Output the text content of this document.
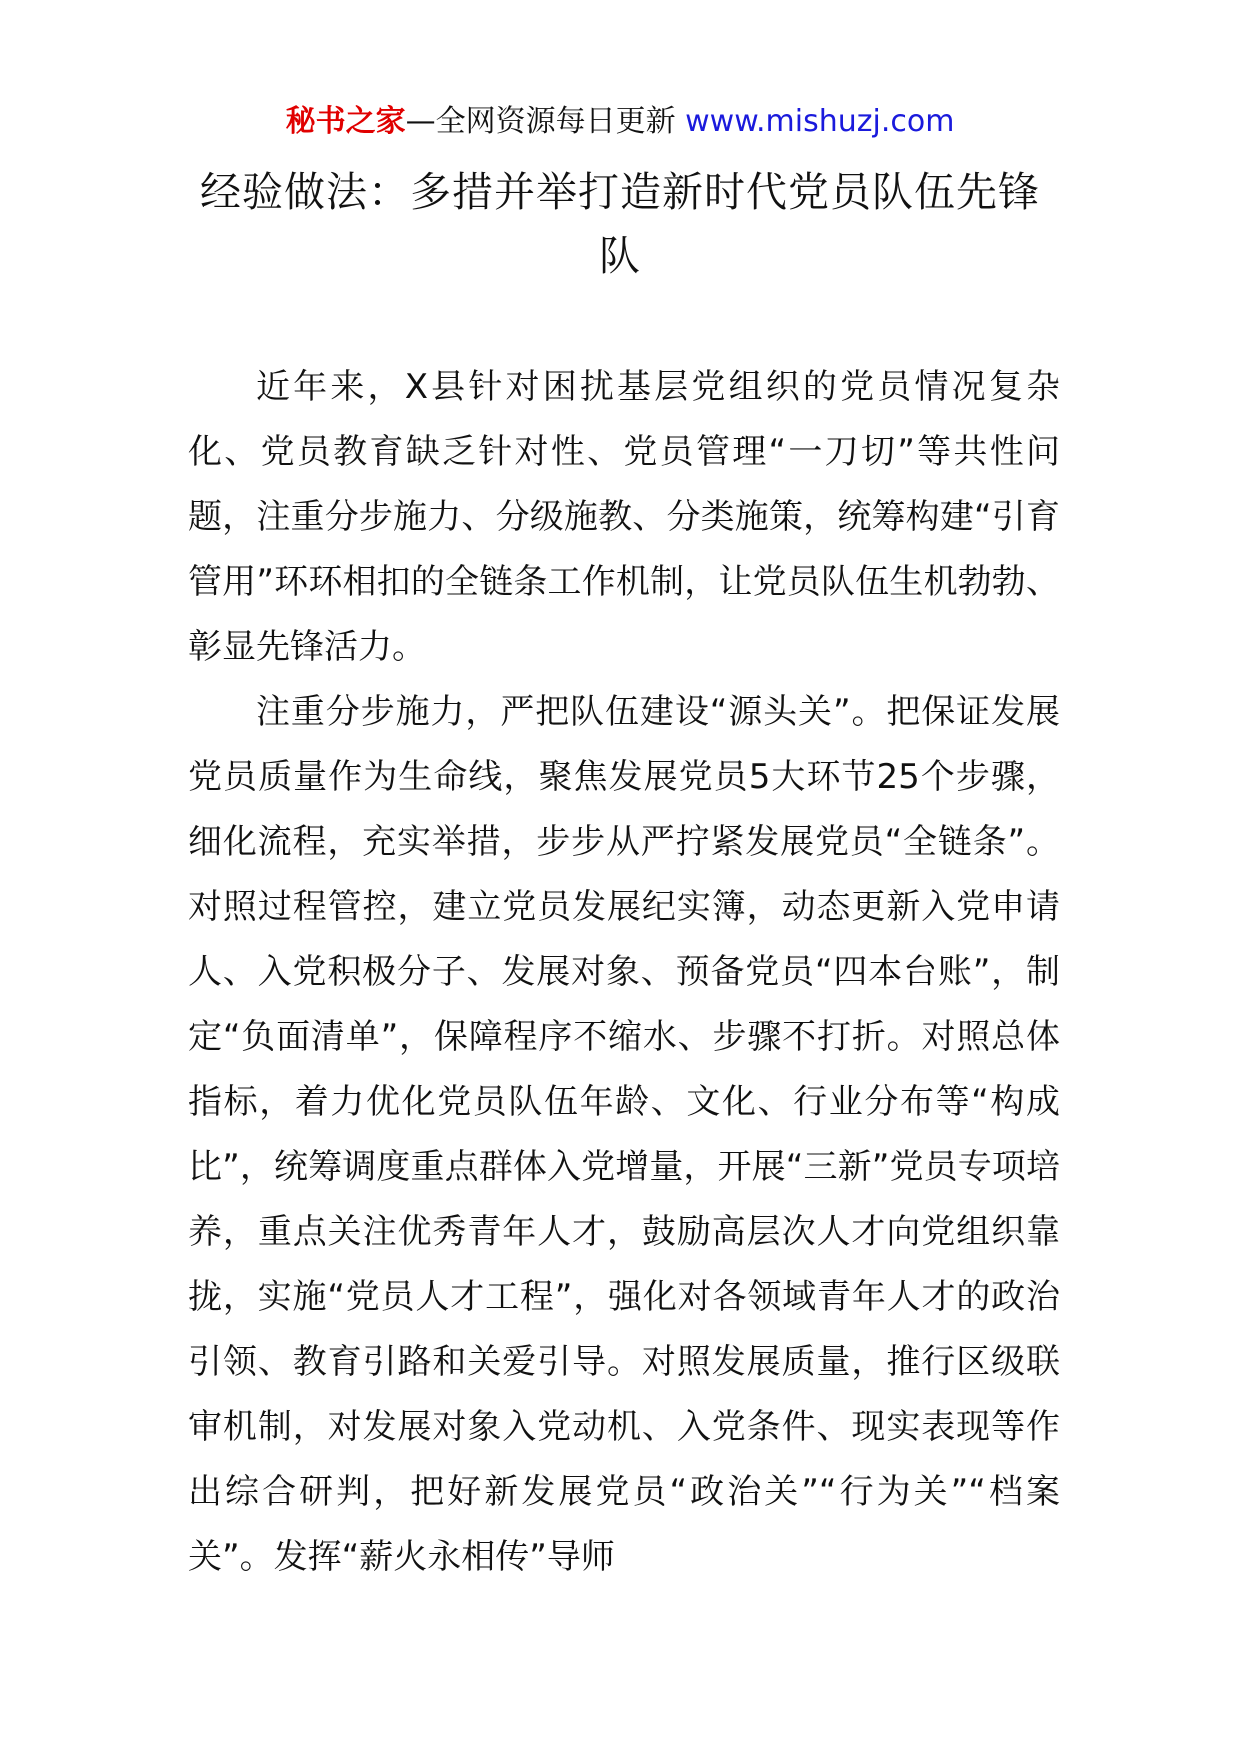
秘书之家—全网资源每日更新 www.mishuzj.com
经验做法：多措并举打造新时代党员队伍先锋队

近年来，X县针对困扰基层党组织的党员情况复杂化、党员教育缺乏针对性、党员管理“一刀切”等共性问题，注重分步施力、分级施教、分类施策，统筹构建“引育管用”环环相扣的全链条工作机制，让党员队伍生机勃勃、彰显先锋活力。

注重分步施力，严把队伍建设“源头关”。把保证发展党员质量作为生命线，聚焦发展党员5大环节25个步骤，细化流程，充实举措，步步从严拧紧发展党员“全链条”。对照过程管控，建立党员发展纪实簿，动态更新入党申请人、入党积极分子、发展对象、预备党员“四本台账”，制定“负面清单”，保障程序不缩水、步骤不打折。对照总体指标，着力优化党员队伍年龄、文化、行业分布等“构成比”，统筹调度重点群体入党增量，开展“三新”党员专项培养，重点关注优秀青年人才，鼓励高层次人才向党组织靠拢，实施“党员人才工程”，强化对各领域青年人才的政治引领、教育引路和关爱引导。对照发展质量，推行区级联审机制，对发展对象入党动机、入党条件、现实表现等作出综合研判，把好新发展党员“政治关”“行为关”“档案关”。发挥“薪火永相传”导师
